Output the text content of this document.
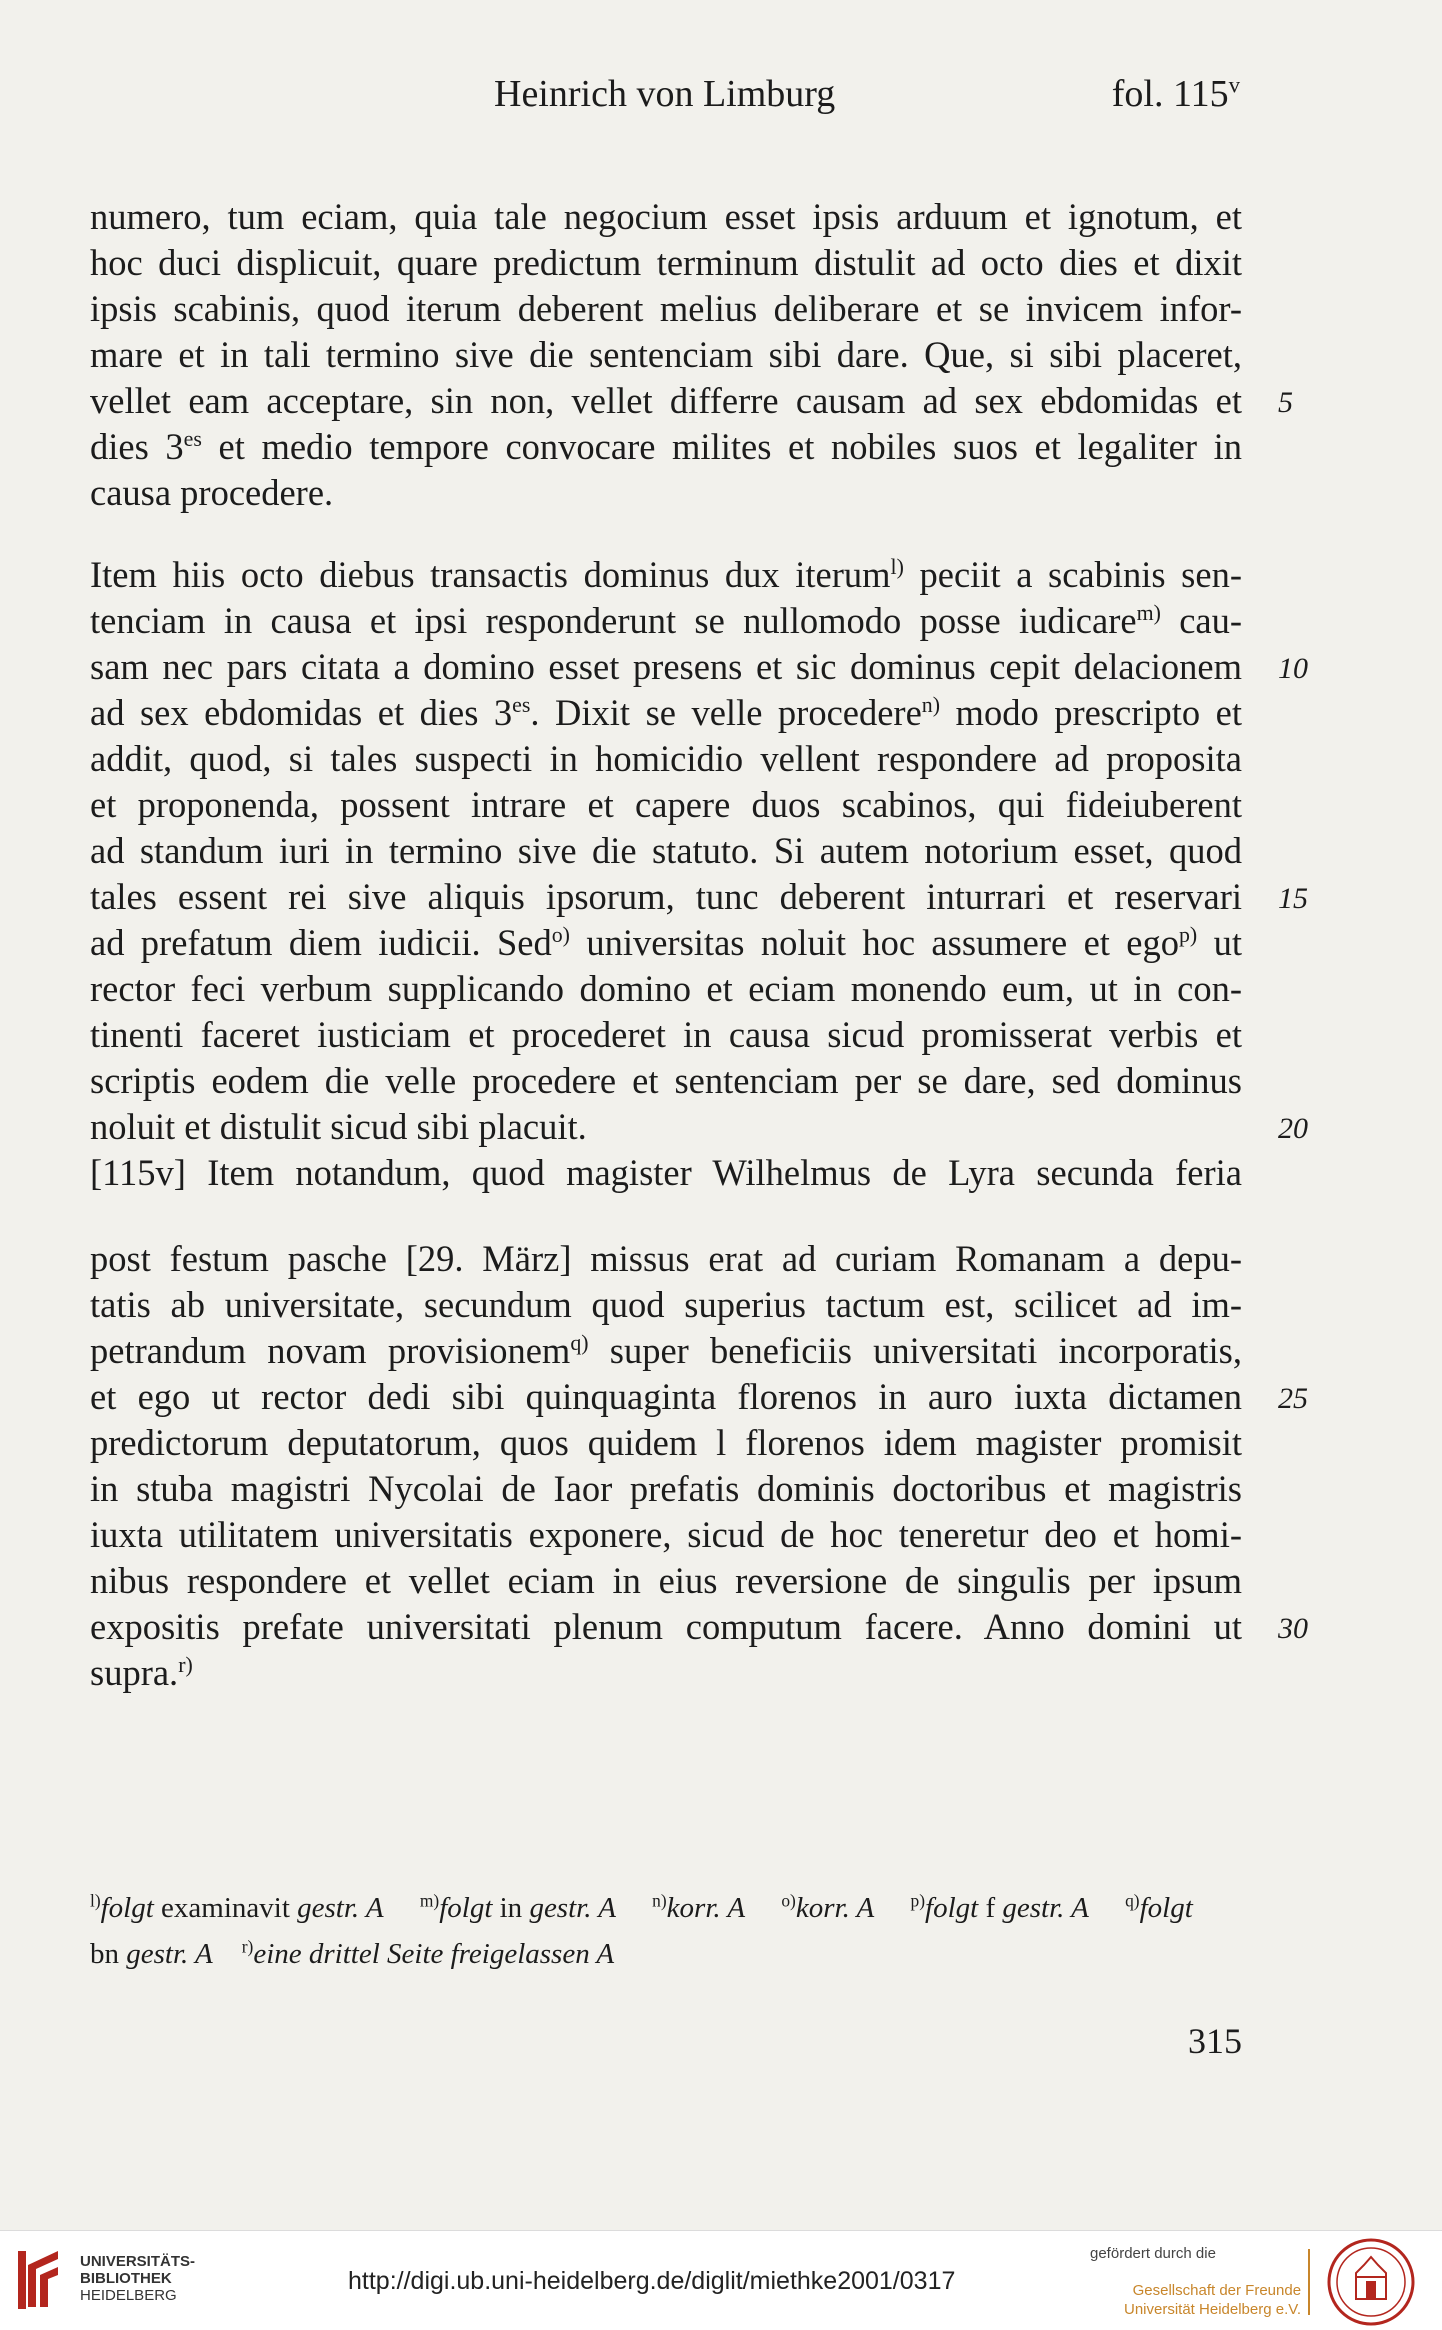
Heinrich von Limburg	fol. 115$^v$
numero, tum eciam, quia tale negocium esset ipsis arduum et ignotum, et
hoc duci displicuit, quare predictum terminum distulit ad octo dies et dixit
ipsis scabinis, quod iterum deberent melius deliberare et se invicem infor-
mare et in tali termino sive die sentenciam sibi dare. Que, si sibi placeret,
vellet eam acceptare, sin non, vellet differre causam ad sex ebdomidas et
dies $3^{es}$ et medio tempore convocare milites et nobiles suos et legaliter in
causa procedere.
Item hiis octo diebus transactis dominus dux iterum$^{l)}$ peciit a scabinis sen-
tenciam in causa et ipsi responderunt se nullomodo posse iudicare$^{m)}$ cau-
sam nec pars citata a domino esset presens et sic dominus cepit delacionem
ad sex ebdomidas et dies $3^{es}$. Dixit se velle procedere$^{n)}$ modo prescripto et
addit, quod, si tales suspecti in homicidio vellent respondere ad proposita
et proponenda, possent intrare et capere duos scabinos, qui fideiuberent
ad standum iuri in termino sive die statuto. Si autem notorium esset, quod
tales essent rei sive aliquis ipsorum, tunc deberent inturrari et reservari
ad prefatum diem iudicii. Sed$^{o)}$ universitas noluit hoc assumere et ego$^{p)}$ ut
rector feci verbum supplicando domino et eciam monendo eum, ut in con-
tinenti faceret iusticiam et procederet in causa sicud promisserat verbis et
scriptis eodem die velle procedere et sentenciam per se dare, sed dominus
noluit et distulit sicud sibi placuit.
[115v] Item notandum, quod magister Wilhelmus de Lyra secunda feria
post festum pasche [29. März] missus erat ad curiam Romanam a depu-
tatis ab universitate, secundum quod superius tactum est, scilicet ad im-
petrandum novam provisionem$^{q)}$ super beneficiis universitati incorporatis,
et ego ut rector dedi sibi quinquaginta florenos in auro iuxta dictamen
predictorum deputatorum, quos quidem l florenos idem magister promisit
in stuba magistri Nycolai de Iaor prefatis dominis doctoribus et magistris
iuxta utilitatem universitatis exponere, sicud de hoc teneretur deo et homi-
nibus respondere et vellet eciam in eius reversione de singulis per ipsum
expositis prefate universitati plenum computum facere. Anno domini ut
supra.$^{r)}$
5
10
15
20
25
30
$^{l)}$folgt examinavit gestr. A $^{m)}$folgt in gestr. A $^{n)}$korr. A $^{o)}$korr. A $^{p)}$folgt f gestr. A $^{q)}$folgt
bn gestr. A $^{r)}$eine drittel Seite freigelassen A
315
UNIVERSITÄTS-
BIBLIOTHEK
HEIDELBERG
http://digi.ub.uni-heidelberg.de/diglit/miethke2001/0317
gefördert durch die
Gesellschaft der Freunde
Universität Heidelberg e.V.
